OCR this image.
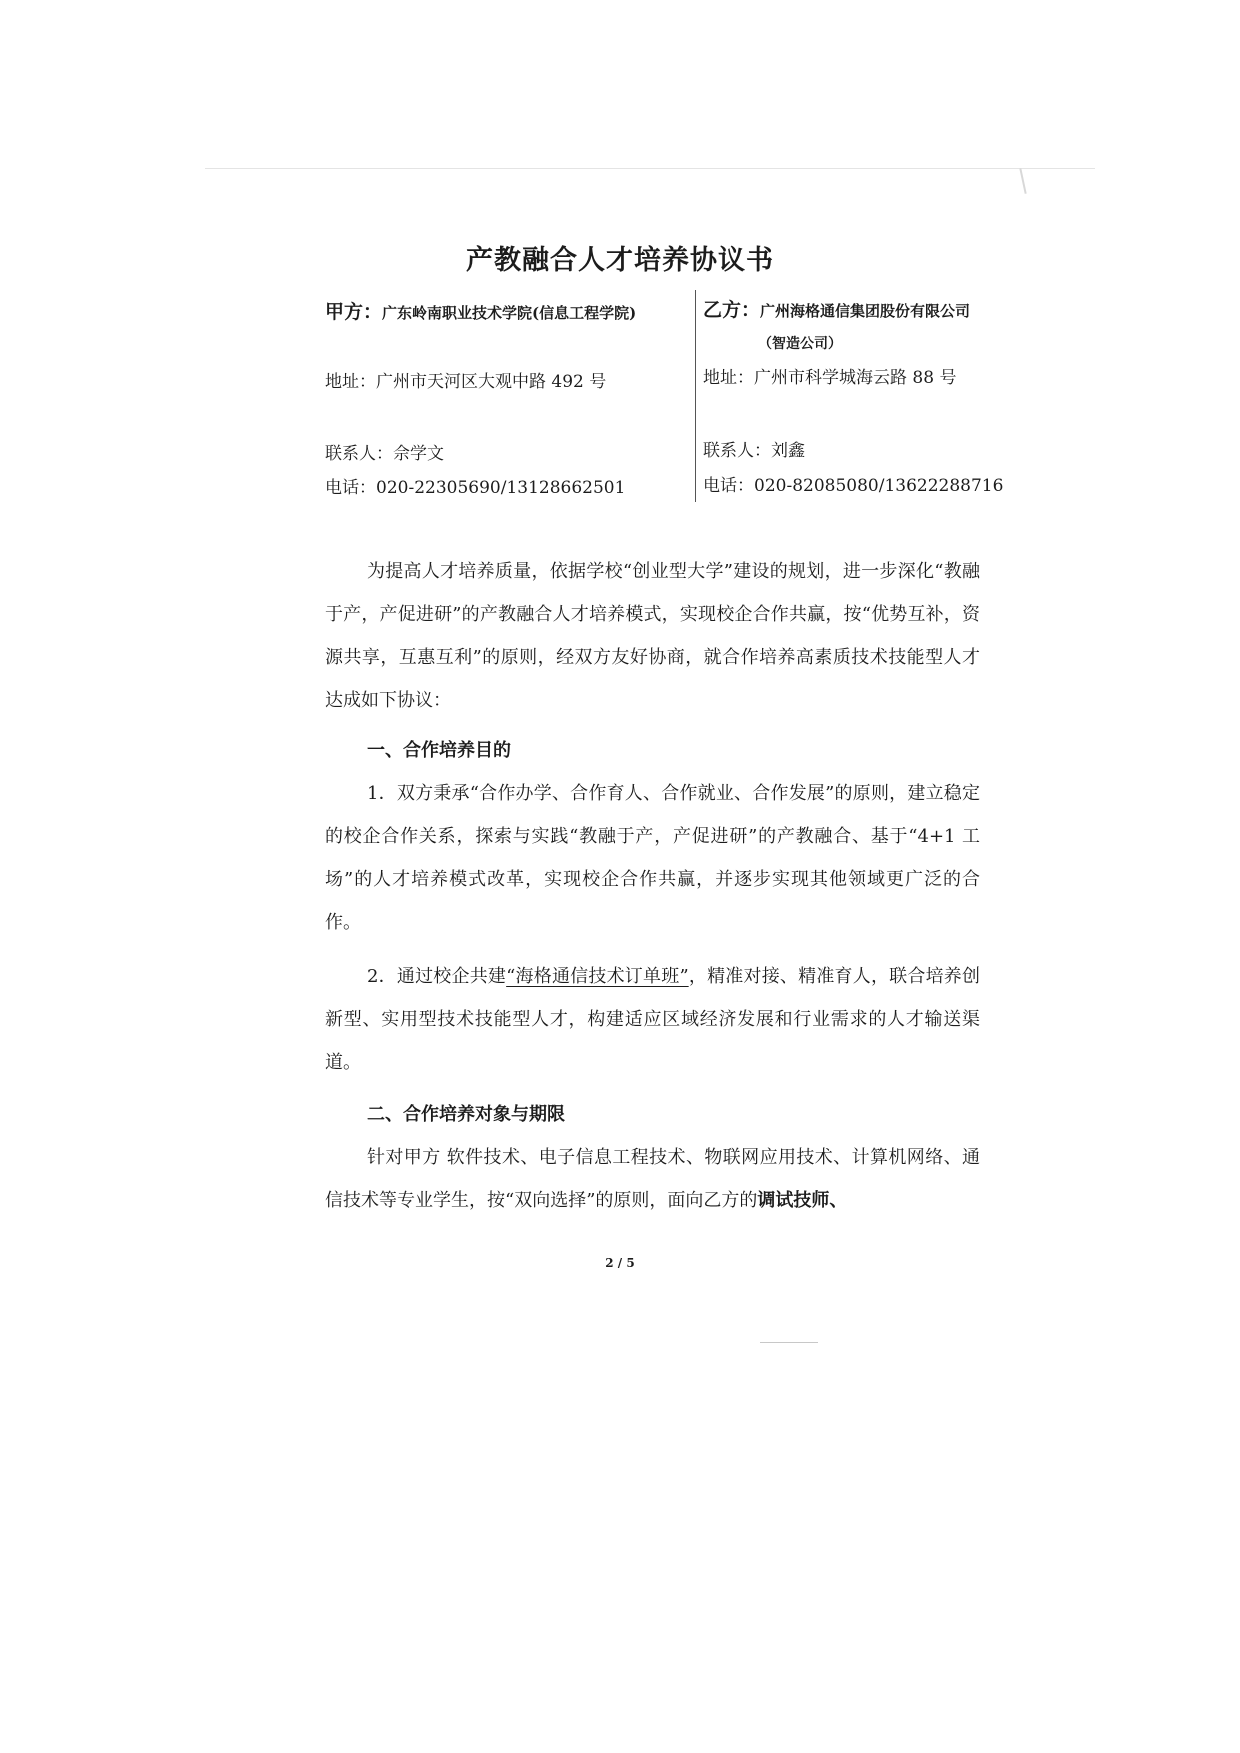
产教融合人才培养协议书
甲方：广东岭南职业技术学院(信息工程学院)
地址：广州市天河区大观中路 492 号
联系人：佘学文
电话：020-22305690/13128662501
乙方：广州海格通信集团股份有限公司
（智造公司）
地址：广州市科学城海云路 88 号
联系人：刘鑫
电话：020-82085080/13622288716

为提高人才培养质量，依据学校“创业型大学”建设的规划，进一步深化“教融于产，产促进研”的产教融合人才培养模式，实现校企合作共赢，按“优势互补，资源共享，互惠互利”的原则，经双方友好协商，就合作培养高素质技术技能型人才达成如下协议：

一、合作培养目的

1．双方秉承“合作办学、合作育人、合作就业、合作发展”的原则，建立稳定的校企合作关系，探索与实践“教融于产，产促进研”的产教融合、基于“4+1 工场”的人才培养模式改革，实现校企合作共赢，并逐步实现其他领域更广泛的合作。

2．通过校企共建“海格通信技术订单班”，精准对接、精准育人，联合培养创新型、实用型技术技能型人才，构建适应区域经济发展和行业需求的人才输送渠道。

二、合作培养对象与期限

针对甲方 软件技术、电子信息工程技术、物联网应用技术、计算机网络、通信技术等专业学生，按“双向选择”的原则，面向乙方的调试技师、

2 / 5
